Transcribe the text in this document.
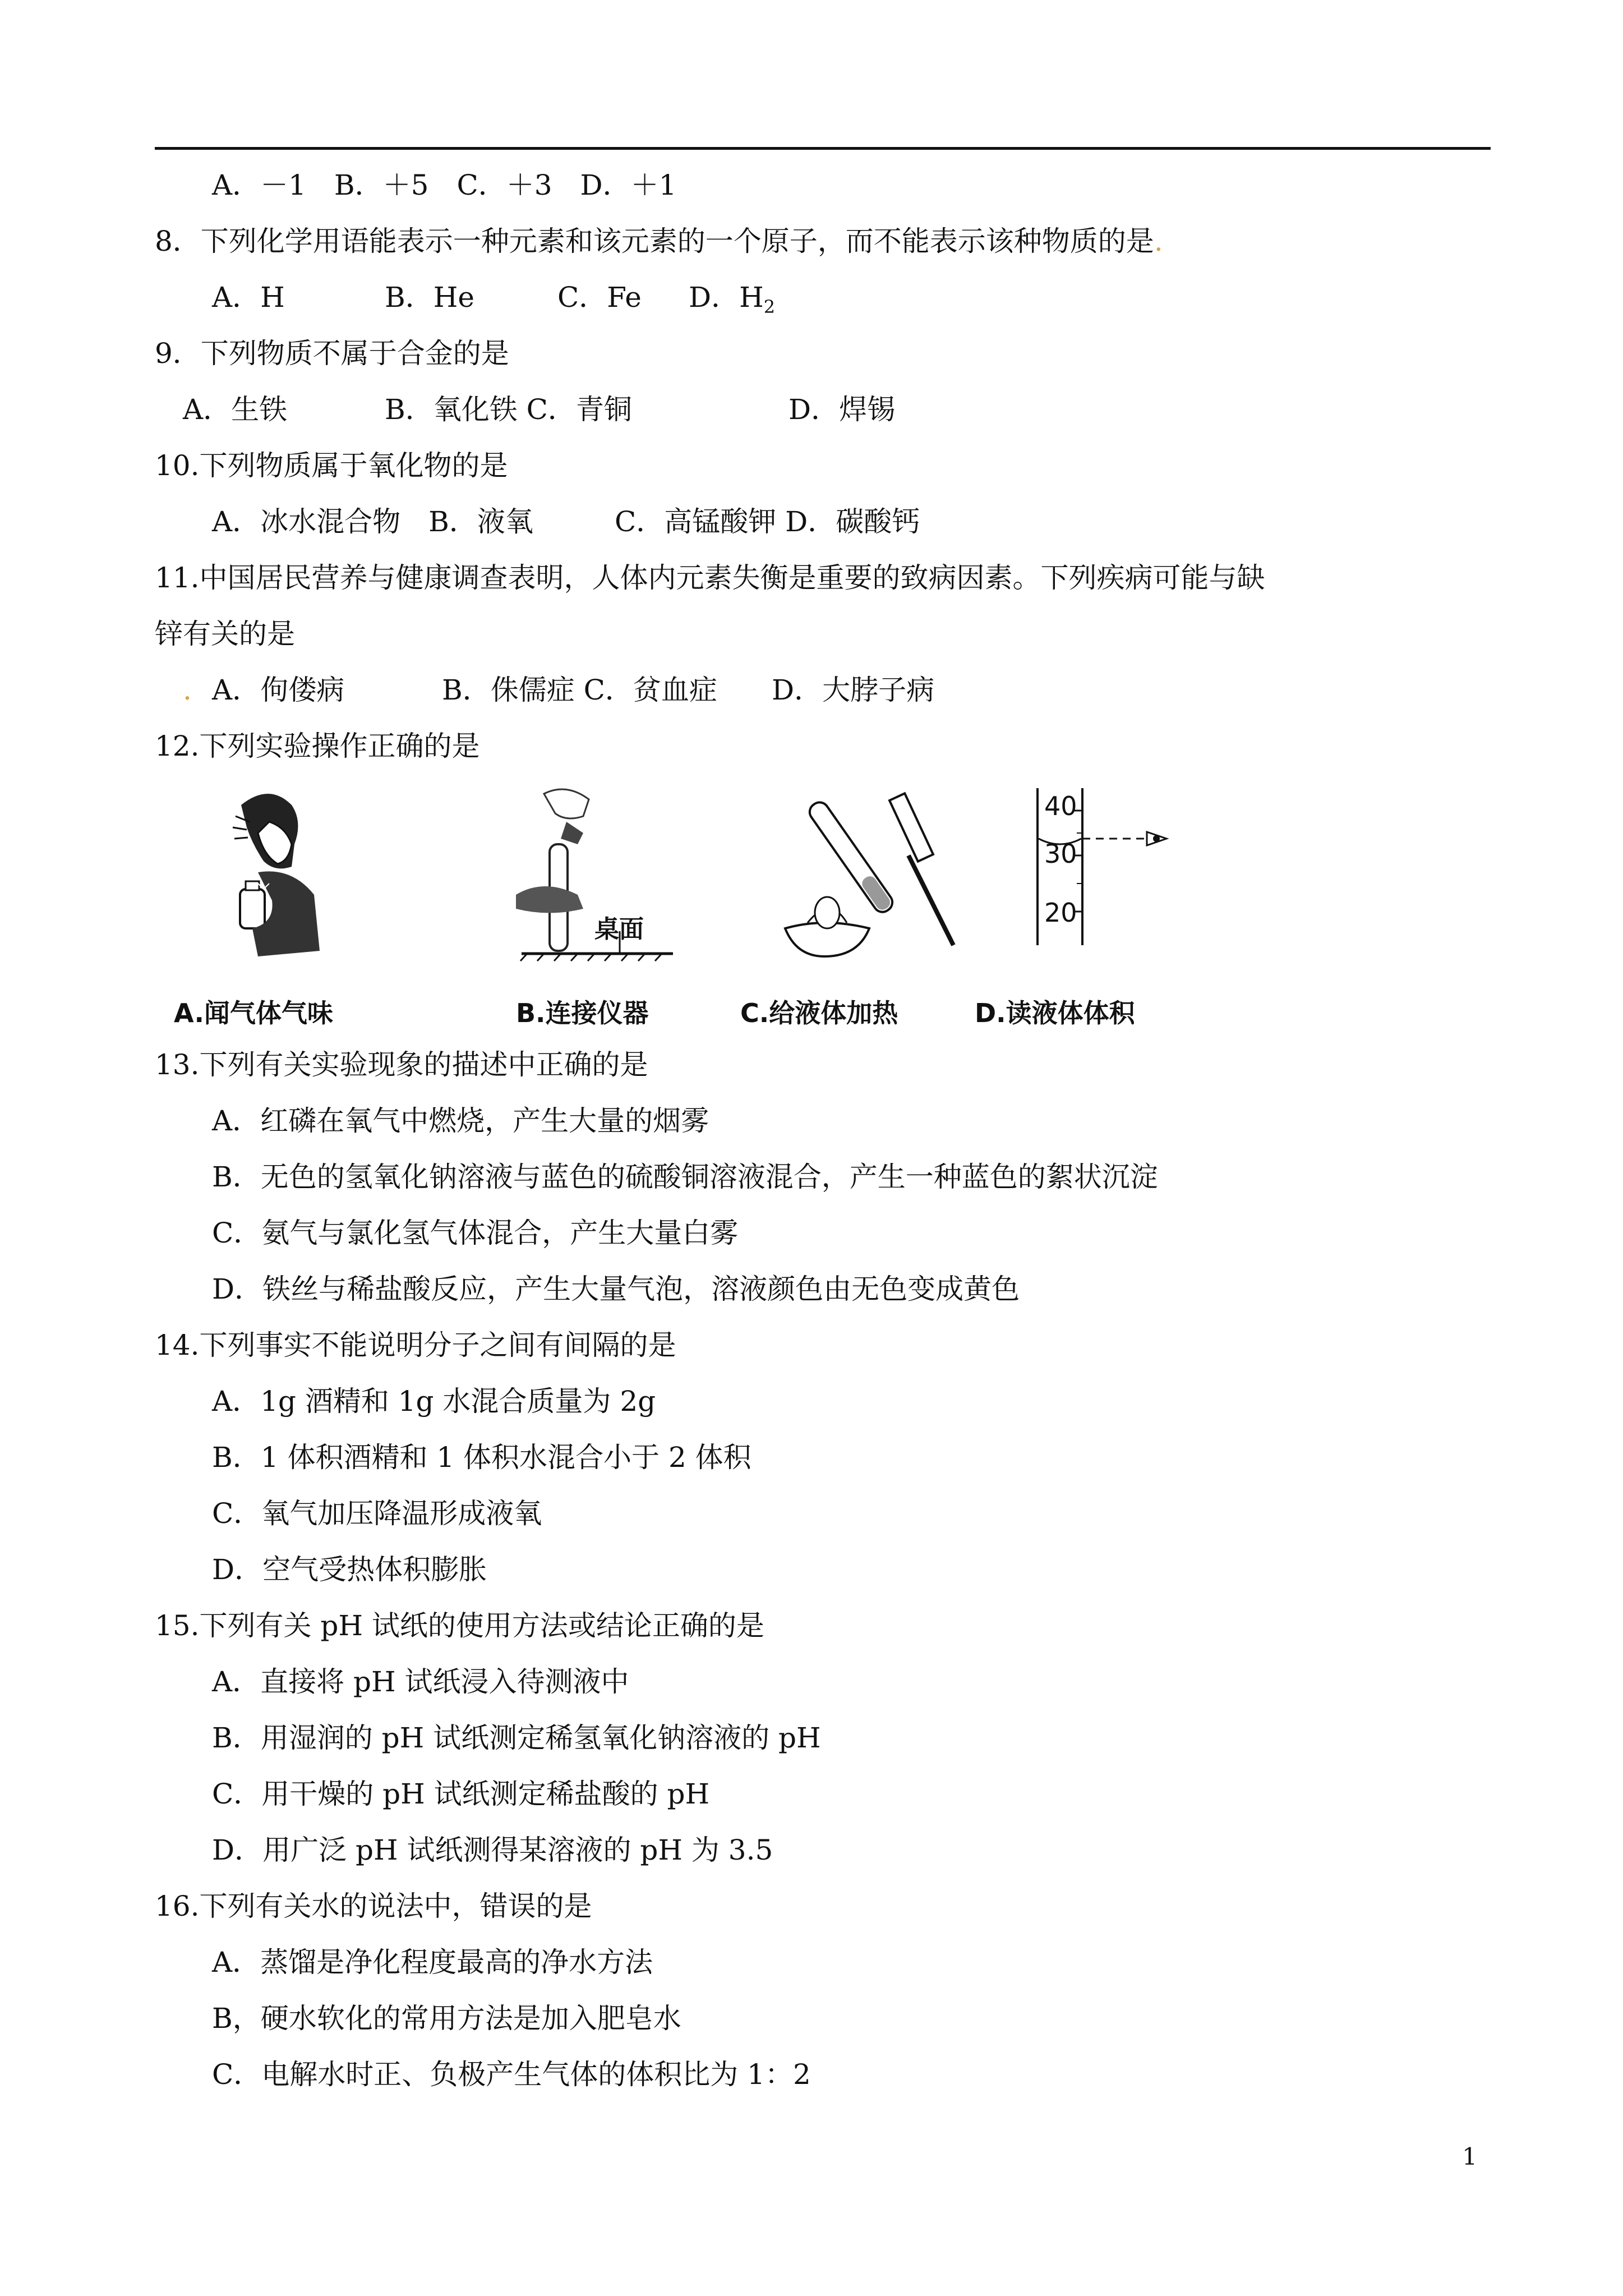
A．－1　B．＋5　C．＋3　D．＋1
8．下列化学用语能表示一种元素和该元素的一个原子，而不能表示该种物质的是.
A．H	B．He	C．Fe D．$H_2$
9．下列物质不属于合金的是
A．生铁	B．氧化铁 C．青铜	D．焊锡
10.下列物质属于氧化物的是
A．冰水混合物　B．液氧	C．高锰酸钾 D．碳酸钙
11.中国居民营养与健康调查表明，人体内元素失衡是重要的致病因素。下列疾病可能与缺
锌有关的是
. A．佝偻病	B．侏儒症 C．贫血症 D．大脖子病
12.下列实验操作正确的是
桌面
40
30
20
A.闻气体气味	B.连接仪器	C.给液体加热	D.读液体体积
13.下列有关实验现象的描述中正确的是
A．红磷在氧气中燃烧，产生大量的烟雾
B．无色的氢氧化钠溶液与蓝色的硫酸铜溶液混合，产生一种蓝色的絮状沉淀
C．氨气与氯化氢气体混合，产生大量白雾
D．铁丝与稀盐酸反应，产生大量气泡，溶液颜色由无色变成黄色
14.下列事实不能说明分子之间有间隔的是
A．1g 酒精和 1g 水混合质量为 2g
B．1 体积酒精和 1 体积水混合小于 2 体积
C．氧气加压降温形成液氧
D．空气受热体积膨胀
15.下列有关 pH 试纸的使用方法或结论正确的是
A．直接将 pH 试纸浸入待测液中
B．用湿润的 pH 试纸测定稀氢氧化钠溶液的 pH
C．用干燥的 pH 试纸测定稀盐酸的 pH
D．用广泛 pH 试纸测得某溶液的 pH 为 3.5
16.下列有关水的说法中，错误的是
A．蒸馏是净化程度最高的净水方法
B，硬水软化的常用方法是加入肥皂水
C．电解水时正、负极产生气体的体积比为 1：2
1
